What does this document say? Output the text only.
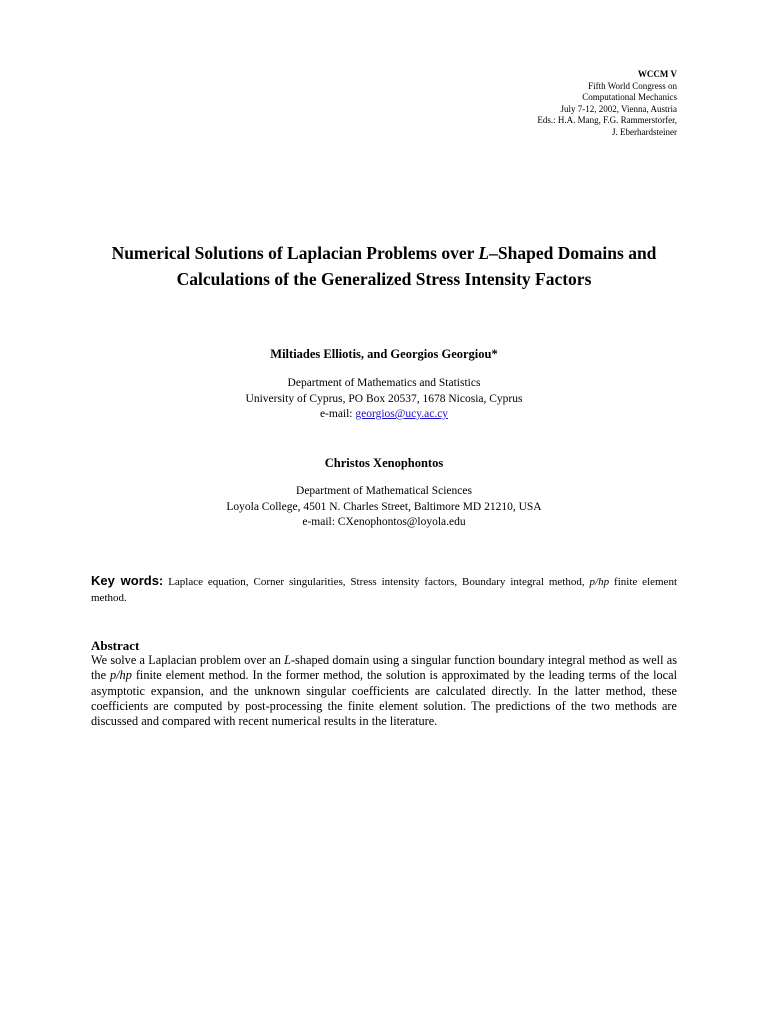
WCCM V
Fifth World Congress on
Computational Mechanics
July 7-12, 2002, Vienna, Austria
Eds.: H.A. Mang, F.G. Rammerstorfer,
J. Eberhardsteiner
Numerical Solutions of Laplacian Problems over L–Shaped Domains and Calculations of the Generalized Stress Intensity Factors
Miltiades Elliotis, and Georgios Georgiou*
Department of Mathematics and Statistics
University of Cyprus, PO Box 20537, 1678 Nicosia, Cyprus
e-mail: georgios@ucy.ac.cy
Christos Xenophontos
Department of Mathematical Sciences
Loyola College, 4501 N. Charles Street, Baltimore MD 21210, USA
e-mail: CXenophontos@loyola.edu
Key words: Laplace equation, Corner singularities, Stress intensity factors, Boundary integral method, p/hp finite element method.
Abstract
We solve a Laplacian problem over an L-shaped domain using a singular function boundary integral method as well as the p/hp finite element method. In the former method, the solution is approximated by the leading terms of the local asymptotic expansion, and the unknown singular coefficients are calculated directly. In the latter method, these coefficients are computed by post-processing the finite element solution. The predictions of the two methods are discussed and compared with recent numerical results in the literature.
